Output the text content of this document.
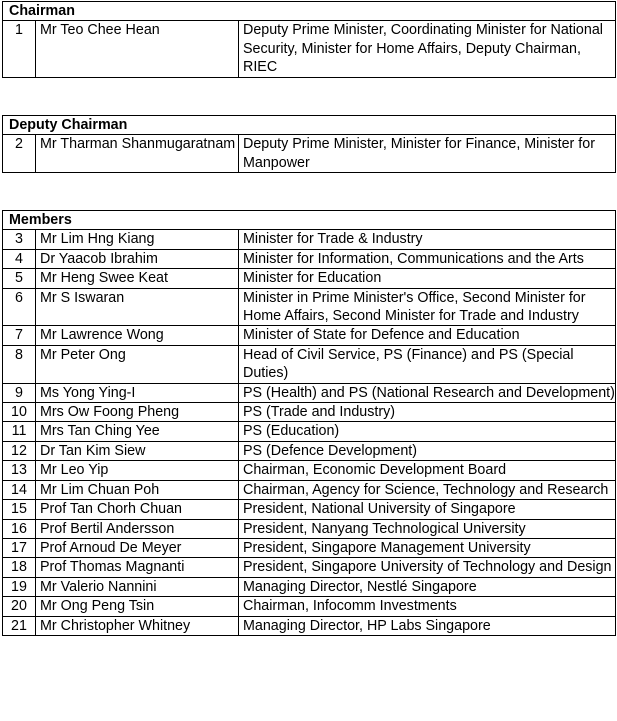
Chairman
1	Mr Teo Chee Hean	Deputy Prime Minister, Coordinating Minister for National Security, Minister for Home Affairs, Deputy Chairman, RIEC
Deputy Chairman
2	Mr Tharman Shanmugaratnam	Deputy Prime Minister, Minister for Finance, Minister for Manpower
Members		
3	Mr Lim Hng Kiang	Minister for Trade & Industry
4	Dr Yaacob Ibrahim	Minister for Information, Communications and the Arts
5	Mr Heng Swee Keat	Minister for Education
6	Mr S Iswaran	Minister in Prime Minister's Office, Second Minister for Home Affairs, Second Minister for Trade and Industry
7	Mr Lawrence Wong	Minister of State for Defence and Education
8	Mr Peter Ong	Head of Civil Service, PS (Finance) and PS (Special Duties)
9	Ms Yong Ying-I	PS (Health) and PS (National Research and Development)
10	Mrs Ow Foong Pheng	PS (Trade and Industry)
11	Mrs Tan Ching Yee	PS (Education)
12	Dr Tan Kim Siew	PS (Defence Development)
13	Mr Leo Yip	Chairman, Economic Development Board
14	Mr Lim Chuan Poh	Chairman, Agency for Science, Technology and Research
15	Prof Tan Chorh Chuan	President, National University of Singapore
16	Prof Bertil Andersson	President, Nanyang Technological University
17	Prof Arnoud De Meyer	President, Singapore Management University
18	Prof Thomas Magnanti	President, Singapore University of Technology and Design
19	Mr Valerio Nannini	Managing Director, Nestlé Singapore
20	Mr Ong Peng Tsin	Chairman, Infocomm Investments
21	Mr Christopher Whitney	Managing Director, HP Labs Singapore
